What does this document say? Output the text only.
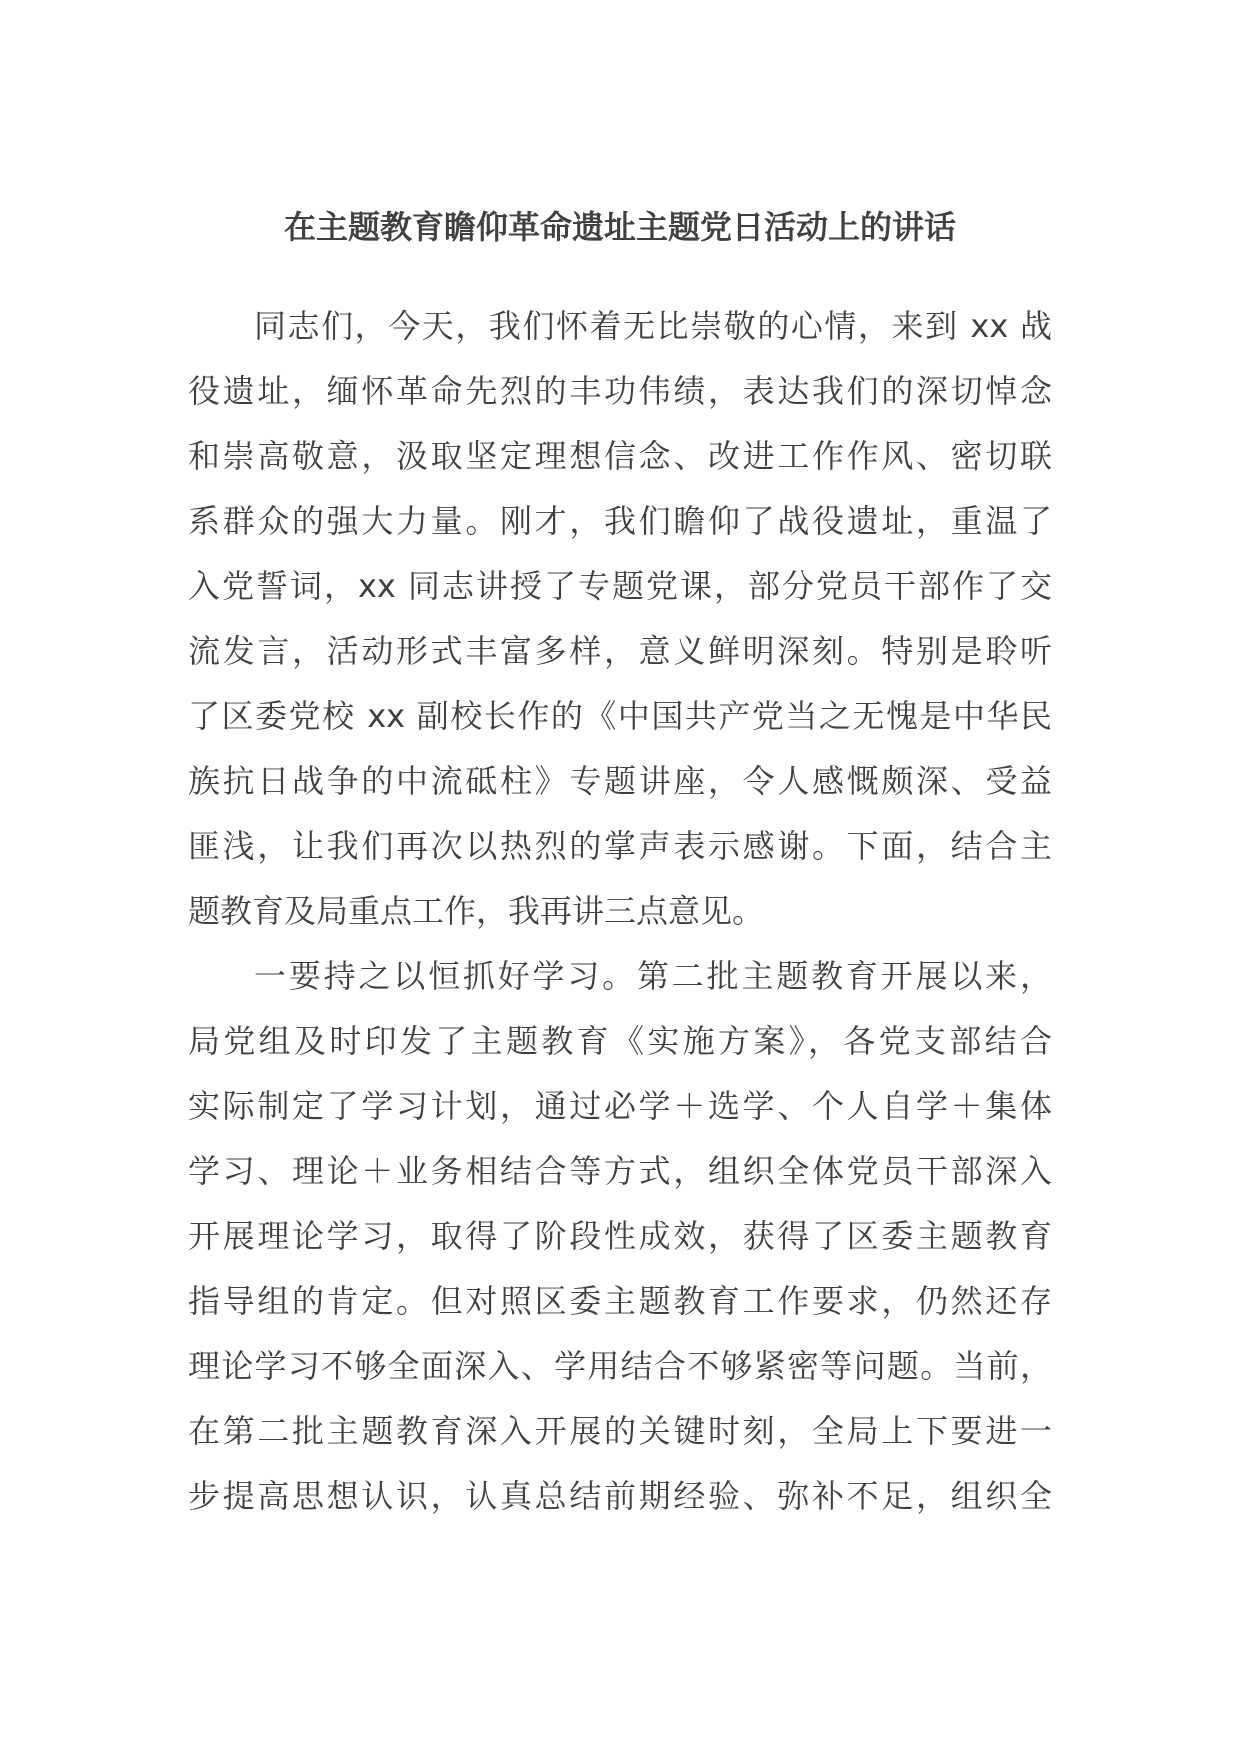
在主题教育瞻仰革命遗址主题党日活动上的讲话
同志们，今天，我们怀着无比崇敬的心情，来到 xx 战
役遗址，缅怀革命先烈的丰功伟绩，表达我们的深切悼念
和崇高敬意，汲取坚定理想信念、改进工作作风、密切联
系群众的强大力量。刚才，我们瞻仰了战役遗址，重温了
入党誓词，xx 同志讲授了专题党课，部分党员干部作了交
流发言，活动形式丰富多样，意义鲜明深刻。特别是聆听
了区委党校 xx 副校长作的《中国共产党当之无愧是中华民
族抗日战争的中流砥柱》专题讲座，令人感慨颇深、受益
匪浅，让我们再次以热烈的掌声表示感谢。下面，结合主
题教育及局重点工作，我再讲三点意见。
一要持之以恒抓好学习。第二批主题教育开展以来，
局党组及时印发了主题教育《实施方案》，各党支部结合
实际制定了学习计划，通过必学＋选学、个人自学＋集体
学习、理论＋业务相结合等方式，组织全体党员干部深入
开展理论学习，取得了阶段性成效，获得了区委主题教育
指导组的肯定。但对照区委主题教育工作要求，仍然还存
理论学习不够全面深入、学用结合不够紧密等问题。当前，
在第二批主题教育深入开展的关键时刻，全局上下要进一
步提高思想认识，认真总结前期经验、弥补不足，组织全
